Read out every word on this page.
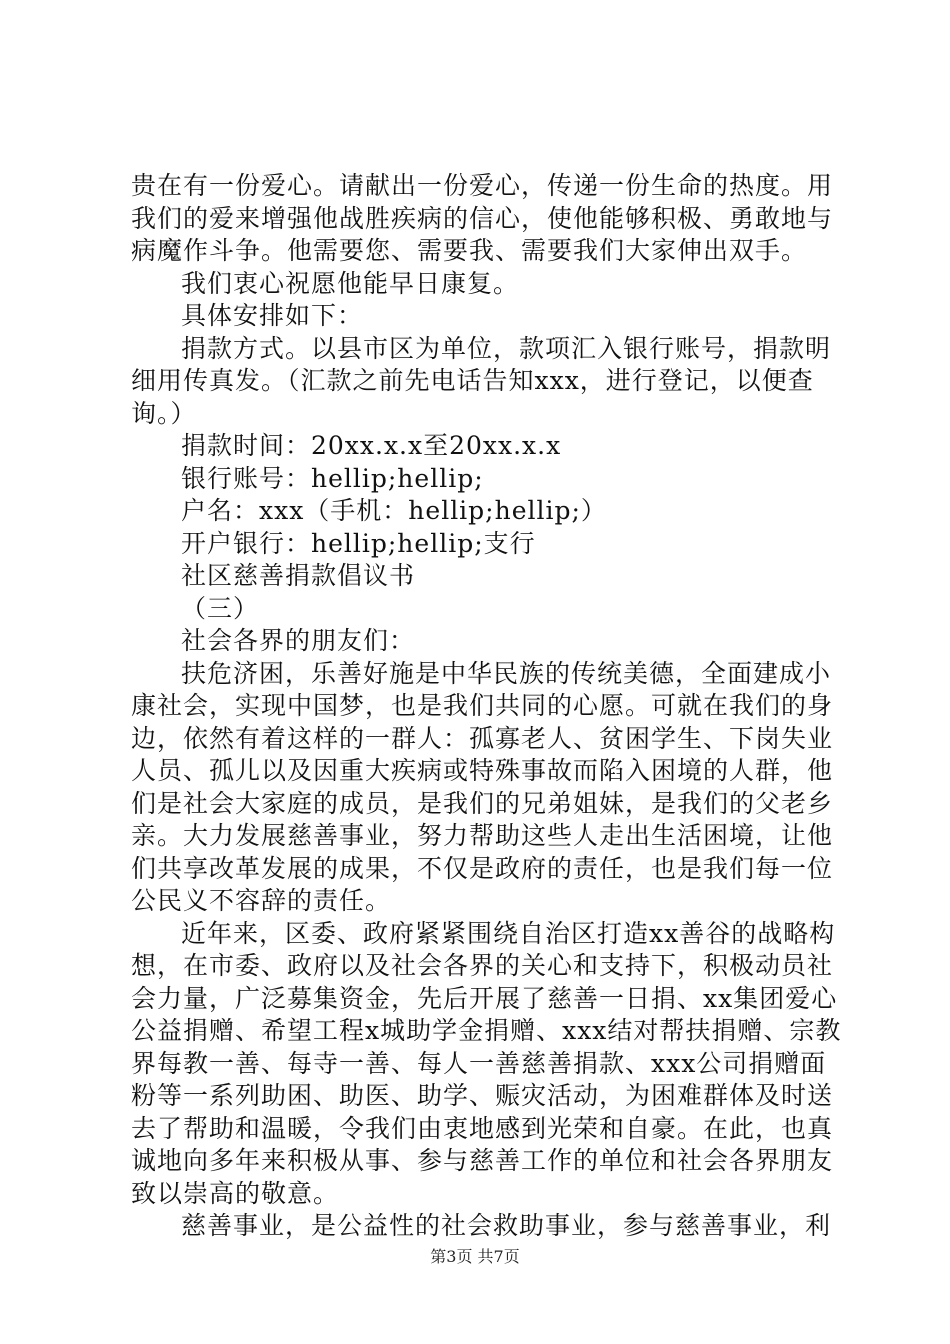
贵在有一份爱心。请献出一份爱心，传递一份生命的热度。用
我们的爱来增强他战胜疾病的信心，使他能够积极、勇敢地与
病魔作斗争。他需要您、需要我、需要我们大家伸出双手。
我们衷心祝愿他能早日康复。
具体安排如下：
捐款方式。以县市区为单位，款项汇入银行账号，捐款明
细用传真发。（汇款之前先电话告知xxx，进行登记，以便查
询。）
捐款时间：20xx.x.x至20xx.x.x
银行账号：hellip;hellip;
户名：xxx（手机：hellip;hellip;）
开户银行：hellip;hellip;支行
社区慈善捐款倡议书
（三）
社会各界的朋友们：
扶危济困，乐善好施是中华民族的传统美德，全面建成小
康社会，实现中国梦，也是我们共同的心愿。可就在我们的身
边，依然有着这样的一群人：孤寡老人、贫困学生、下岗失业
人员、孤儿以及因重大疾病或特殊事故而陷入困境的人群，他
们是社会大家庭的成员，是我们的兄弟姐妹，是我们的父老乡
亲。大力发展慈善事业，努力帮助这些人走出生活困境，让他
们共享改革发展的成果，不仅是政府的责任，也是我们每一位
公民义不容辞的责任。
近年来，区委、政府紧紧围绕自治区打造xx善谷的战略构
想，在市委、政府以及社会各界的关心和支持下，积极动员社
会力量，广泛募集资金，先后开展了慈善一日捐、xx集团爱心
公益捐赠、希望工程x城助学金捐赠、xxx结对帮扶捐赠、宗教
界每教一善、每寺一善、每人一善慈善捐款、xxx公司捐赠面
粉等一系列助困、助医、助学、赈灾活动，为困难群体及时送
去了帮助和温暖，令我们由衷地感到光荣和自豪。在此，也真
诚地向多年来积极从事、参与慈善工作的单位和社会各界朋友
致以崇高的敬意。
慈善事业，是公益性的社会救助事业，参与慈善事业，利
第3页 共7页
